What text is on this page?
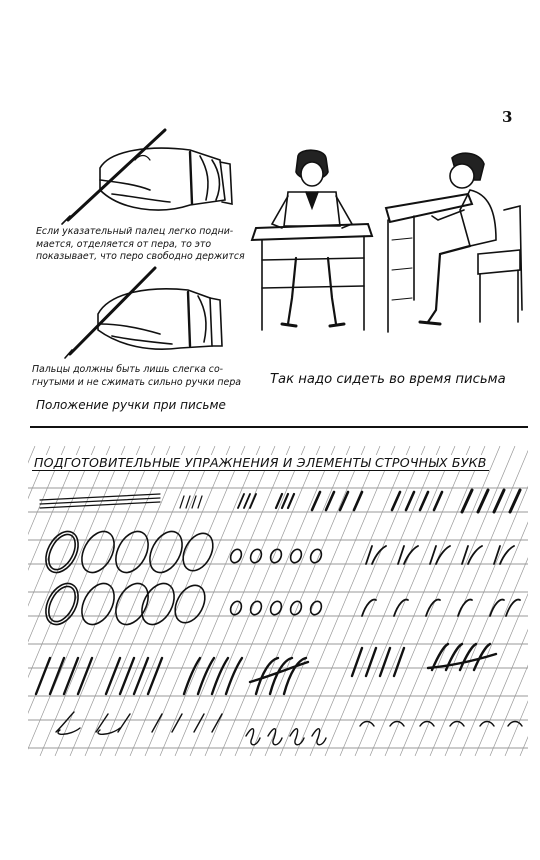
3
Если указательный палец легко подни-
мается, отделяется от пера, то это
показывает, что перо свободно держится
Пальцы должны быть лишь слегка со-
гнутыми и не сжимать сильно ручки пера
Положение ручки при письме
Так надо сидеть во время письма
ПОДГОТОВИТЕЛЬНЫЕ УПРАЖНЕНИЯ И ЭЛЕМЕНТЫ СТРОЧНЫХ БУКВ
